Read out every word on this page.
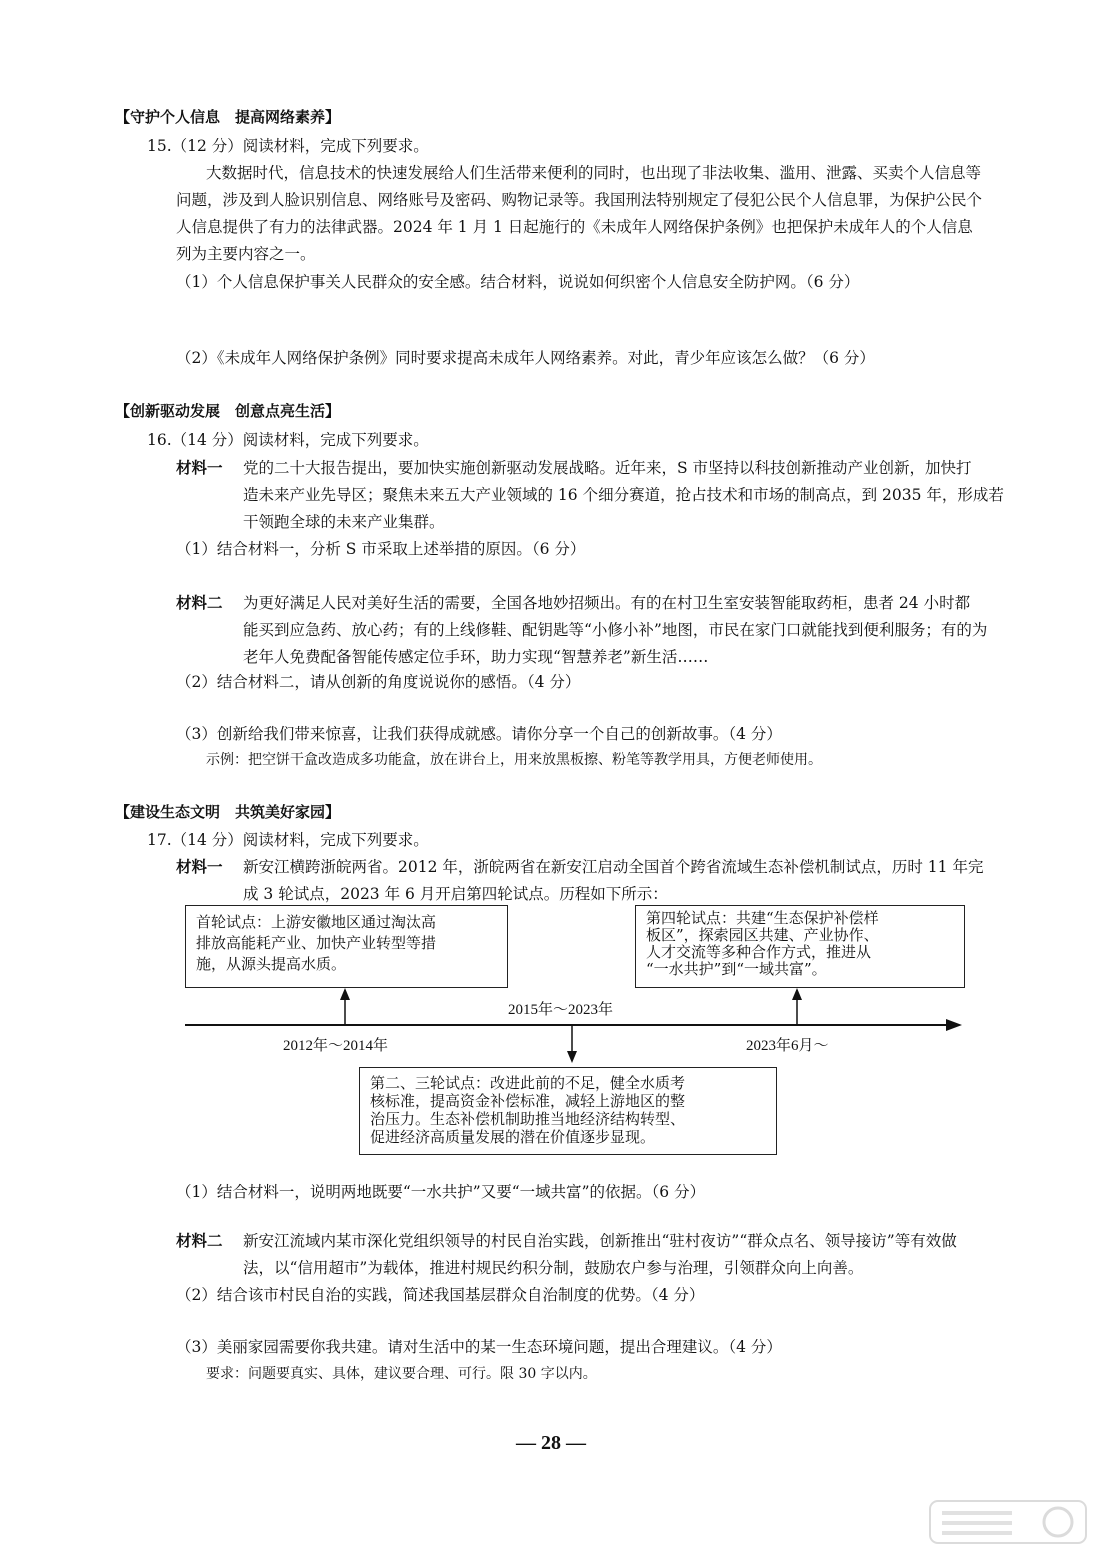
【守护个人信息　提高网络素养】
15.（12 分）阅读材料，完成下列要求。
大数据时代，信息技术的快速发展给人们生活带来便利的同时，也出现了非法收集、滥用、泄露、买卖个人信息等
问题，涉及到人脸识别信息、网络账号及密码、购物记录等。我国刑法特别规定了侵犯公民个人信息罪，为保护公民个
人信息提供了有力的法律武器。2024 年 1 月 1 日起施行的《未成年人网络保护条例》也把保护未成年人的个人信息
列为主要内容之一。
（1）个人信息保护事关人民群众的安全感。结合材料，说说如何织密个人信息安全防护网。（6 分）
（2）《未成年人网络保护条例》同时要求提高未成年人网络素养。对此，青少年应该怎么做？（6 分）
【创新驱动发展　创意点亮生活】
16.（14 分）阅读材料，完成下列要求。
材料一 党的二十大报告提出，要加快实施创新驱动发展战略。近年来，S 市坚持以科技创新推动产业创新，加快打
造未来产业先导区；聚焦未来五大产业领域的 16 个细分赛道，抢占技术和市场的制高点，到 2035 年，形成若
干领跑全球的未来产业集群。
（1）结合材料一，分析 S 市采取上述举措的原因。（6 分）
材料二 为更好满足人民对美好生活的需要，全国各地妙招频出。有的在村卫生室安装智能取药柜，患者 24 小时都
能买到应急药、放心药；有的上线修鞋、配钥匙等“小修小补”地图，市民在家门口就能找到便利服务；有的为
老年人免费配备智能传感定位手环，助力实现“智慧养老”新生活……
（2）结合材料二，请从创新的角度说说你的感悟。（4 分）
（3）创新给我们带来惊喜，让我们获得成就感。请你分享一个自己的创新故事。（4 分）
示例：把空饼干盒改造成多功能盒，放在讲台上，用来放黑板擦、粉笔等教学用具，方便老师使用。
【建设生态文明　共筑美好家园】
17.（14 分）阅读材料，完成下列要求。
材料一 新安江横跨浙皖两省。2012 年，浙皖两省在新安江启动全国首个跨省流域生态补偿机制试点，历时 11 年完
成 3 轮试点，2023 年 6 月开启第四轮试点。历程如下所示：
首轮试点：上游安徽地区通过淘汰高
排放高能耗产业、加快产业转型等措
施，从源头提高水质。
第四轮试点：共建“生态保护补偿样
板区”，探索园区共建、产业协作、
人才交流等多种合作方式，推进从
“一水共护”到“一域共富”。
第二、三轮试点：改进此前的不足，健全水质考
核标准，提高资金补偿标准，减轻上游地区的整
治压力。生态补偿机制助推当地经济结构转型、
促进经济高质量发展的潜在价值逐步显现。
2012年～2014年
2015年～2023年
2023年6月～
（1）结合材料一，说明两地既要“一水共护”又要“一域共富”的依据。（6 分）
材料二 新安江流域内某市深化党组织领导的村民自治实践，创新推出“驻村夜访”“群众点名、领导接访”等有效做
法，以“信用超市”为载体，推进村规民约积分制，鼓励农户参与治理，引领群众向上向善。
（2）结合该市村民自治的实践，简述我国基层群众自治制度的优势。（4 分）
（3）美丽家园需要你我共建。请对生活中的某一生态环境问题，提出合理建议。（4 分）
要求：问题要真实、具体，建议要合理、可行。限 30 字以内。
— 28 —
